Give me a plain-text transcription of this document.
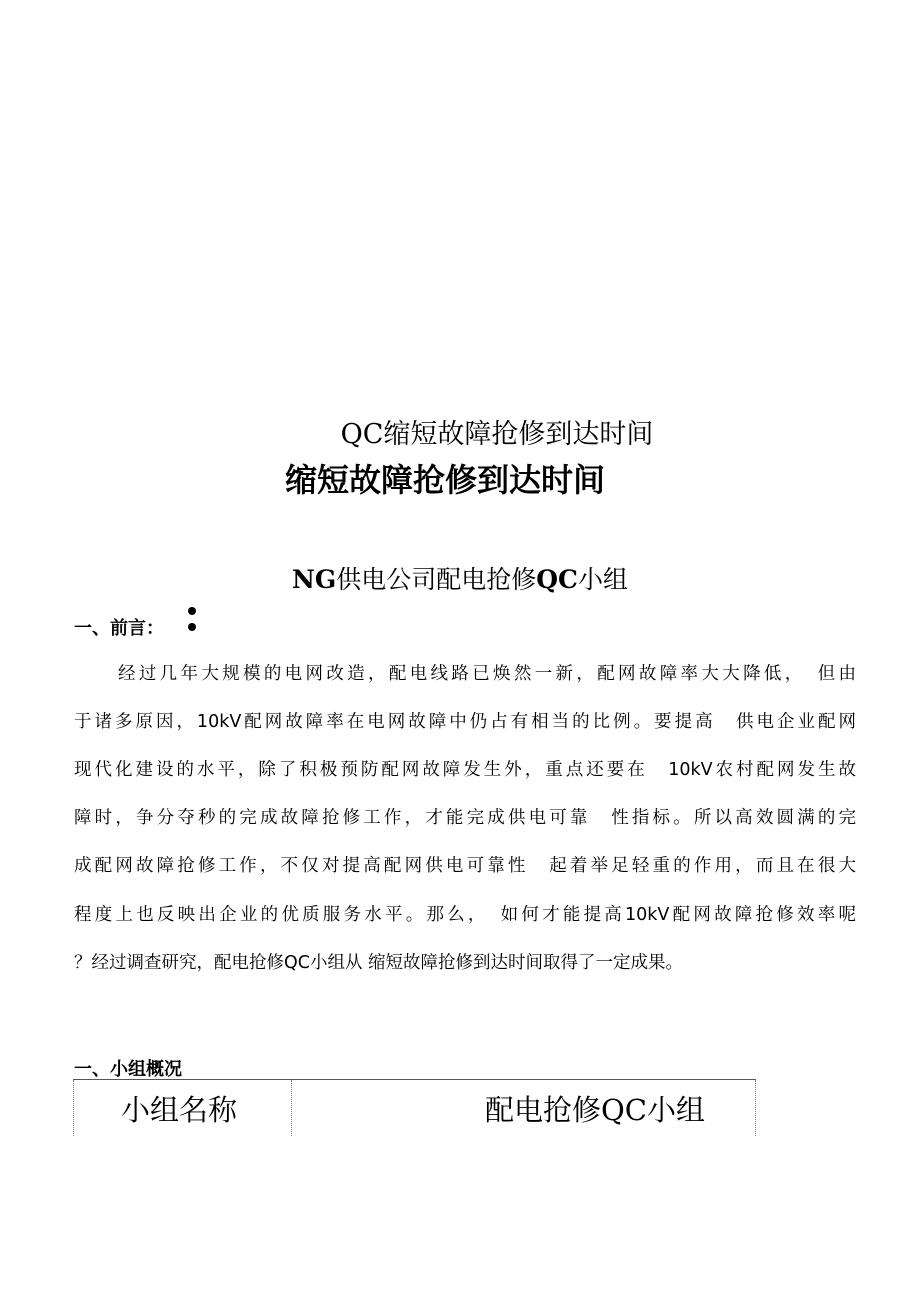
QC缩短故障抢修到达时间
缩短故障抢修到达时间
NG供电公司配电抢修QC小组
一、前言：
经过几年大规模的电网改造，配电线路已焕然一新，配网故障率大大降低，　但由
于诸多原因，10kV配网故障率在电网故障中仍占有相当的比例。要提高　供电企业配网
现代化建设的水平，除了积极预防配网故障发生外，重点还要在　10kV农村配网发生故
障时，争分夺秒的完成故障抢修工作，才能完成供电可靠　性指标。所以高效圆满的完
成配网故障抢修工作，不仅对提高配网供电可靠性　起着举足轻重的作用，而且在很大
程度上也反映出企业的优质服务水平。那么，　如何才能提高10kV配网故障抢修效率呢
？经过调查研究，配电抢修QC小组从 缩短故障抢修到达时间取得了一定成果。
一、小组概况
小组名称	配电抢修QC小组
